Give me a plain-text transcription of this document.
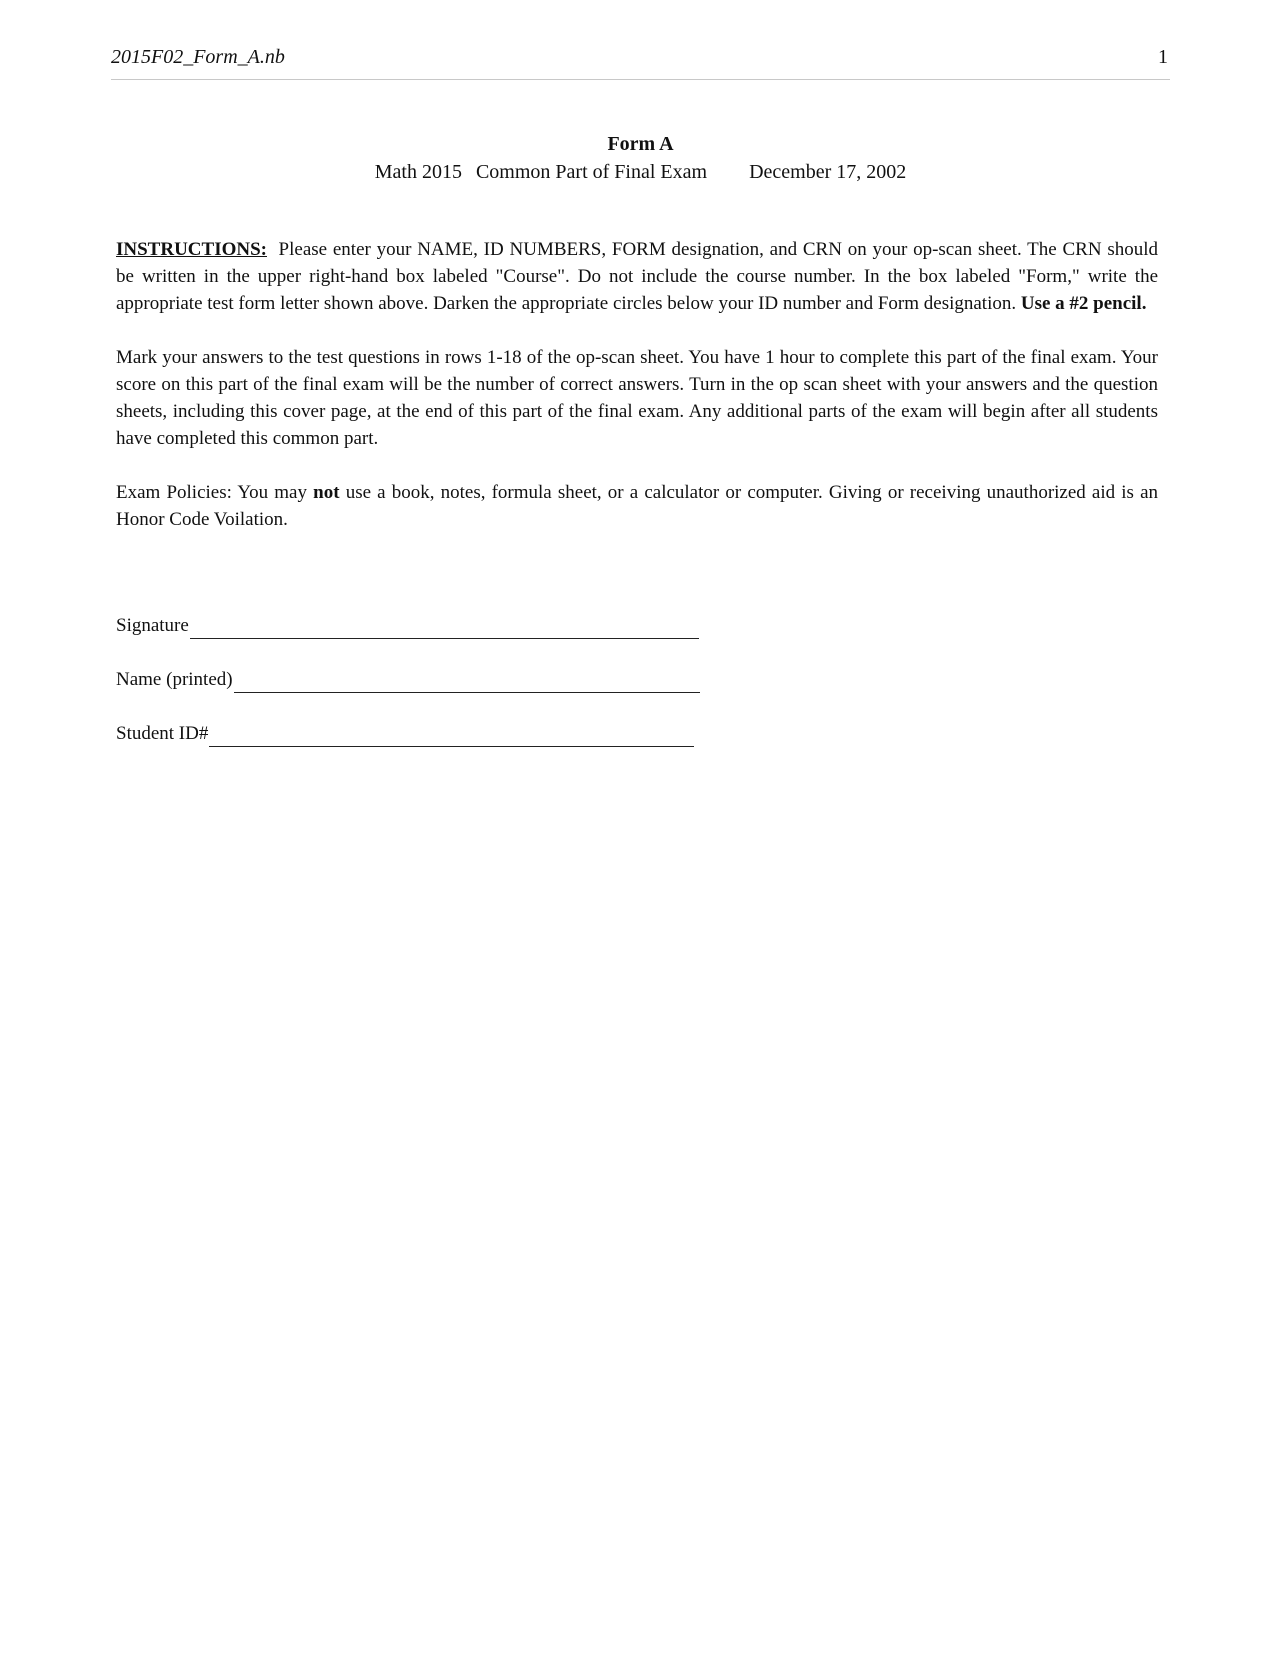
2015F02_Form_A.nb	1
Form A
Math 2015 Common Part of Final Exam December 17, 2002

INSTRUCTIONS: Please enter your NAME, ID NUMBERS, FORM designation, and CRN on your op-scan sheet. The CRN should be written in the upper right-hand box labeled "Course". Do not include the course number. In the box labeled "Form," write the appropriate test form letter shown above. Darken the appropriate circles below your ID number and Form designation. Use a #2 pencil.

Mark your answers to the test questions in rows 1-18 of the op-scan sheet. You have 1 hour to complete this part of the final exam. Your score on this part of the final exam will be the number of correct answers. Turn in the op scan sheet with your answers and the question sheets, including this cover page, at the end of this part of the final exam. Any additional parts of the exam will begin after all students have completed this common part.

Exam Policies: You may not use a book, notes, formula sheet, or a calculator or computer. Giving or receiving unauthorized aid is an Honor Code Voilation.

Signature
Name (printed)
Student ID#
